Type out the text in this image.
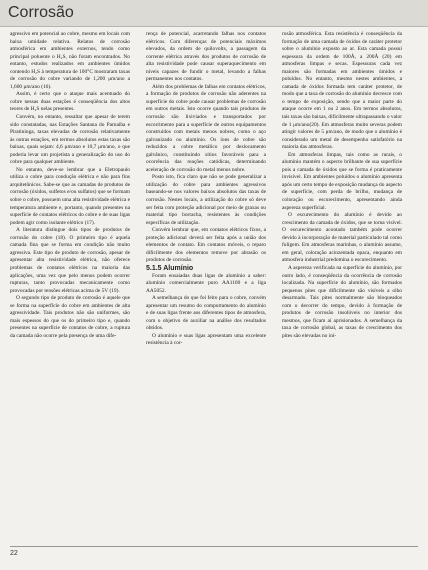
Corrosão

agressivo em potencial ao cobre, mesmo em locais com baixa umidade relativa. Relatos de corrosão atmosférica em ambientes externos, tendo como principal poluente o H₂S, não foram encontrados. No entanto, estudos realizados em ambientes úmidos contendo H₂S à temperatura de 100°C mostraram taxas de corrosão do cobre variando de 1,200 μm/ano a 1,600 μm/ano (16).

Assim, é certo que o ataque mais acentuado do cobre nessas duas estações é conseqüência dos altos teores de H₂S nelas presentes.

Convém, no entanto, ressaltar que apesar de terem sido constatadas, nas Estações Santana do Parnaíba e Piratininga, taxas elevadas de corrosão relativamente às outras estações, em termos absolutos estas taxas são baixas, quais sejam: 4,6 μm/ano e 10,7 μm/ano, o que poderia levar um projetista a generalização do uso do cobre para qualquer ambiente.

No entanto, deve-se lembrar que a Eletropaulo utiliza o cobre para condução elétrica e não para fins arquitetônicos. Sabe-se que as camadas de produtos de corrosão (óxidos, sulfetos e/ou sulfatos) que se formam sobre o cobre, possuem uma alta resistividade elétrica e temperatura ambiente e, portanto, quando presentes na superfície de contatos elétricos do cobre e de suas ligas podem agir como isolante elétrico (17).

A literatura distingue dois tipos de produtos de corrosão do cobre (18). O primeiro tipo é aquela camada fina que se forma em condição não muito agressiva. Este tipo de produto de corrosão, apesar de apresentar alta resistividade elétrica, não oferece problemas de contatos elétricos na maioria das aplicações, uma vez que pelo menos podem ocorrer rupturas, tanto provocadas mecanicamente como provocadas por tensões elétricas acima de 5V (19).

O segundo tipo de produto de corrosão é aquele que se forma na superfície do cobre em ambientes de alta agressividade. Tais produtos não são uniformes, são mais espessos do que os do primeiro tipo e, quando presentes na superfície de contatos de cobre, a ruptura da camada não ocorre pela presença de uma dife-

rença de potencial, acarretando falhas nos contatos elétricos. Com diferenças de potenciais máximos elevados, da ordem de quilovolts, a passagem da corrente elétrica através dos produtos de corrosão de alta resistividade pode causar superaquecimento em níveis capazes de fundir o metal, levando a falhas permanentes nos contatos.

Além dos problemas de falhas em contatos elétricos, a formação de produtos de corrosão não aderentes na superfície do cobre pode causar problemas de corrosão em outros metais. Isto ocorre quando tais produtos de corrosão são lixiviados e transportados por escorrimento para a superfície de outros equipamentos construídos com metais menos nobres, como o aço galvanizado ou alumínio. Os íons de cobre são reduzidos a cobre metálico por deslocamento galvânico, constituindo sítios favoráveis para a ocorrência das reações catódicas, determinando aceleração de corrosão do metal menos nobre.

Posto isto, fica claro que não se pode generalizar a utilização do cobre para ambientes agressivos baseando-se nos valores baixos absolutos das taxas de corrosão. Nestes locais, a utilização do cobre só deve ser feita com proteção adicional por meio de graxas ou material tipo borracha, resistentes às condições específicas de utilização.

Convém lembrar que, em contatos elétricos fixos, a proteção adicional deverá ser feita após a união dos elementos de contato. Em contatos móveis, o reparo dificilmente dos elementos remove por abrasão os produtos de corrosão.

5.1.5 Alumínio

Foram ensaiadas duas ligas de alumínio a saber: alumínio comercialmente puro AA1100 e a liga AA5052.

A semelhança do que foi feito para o cobre, convém apresentar um resumo do comportamento do alumínio e de suas ligas frente aos diferentes tipos de atmosfera, com o objetivo de auxiliar na análise dos resultados obtidos.

O alumínio e suas ligas apresentam uma excelente resistência à cor-

rosão atmosférica. Esta resistência é conseqüência da formação de uma camada de óxidos de caráter protetor sobre o alumínio exposto ao ar. Esta camada possui espessura da ordem de 100Å, a 200Å (20) em atmosferas limpas e secas. Espessuras cada vez maiores são formadas em ambientes úmidos e poluídos. No entanto, mesmo nestes ambientes, a camada de óxidos formada tem caráter protetor, de modo que a taxa de corrosão do alumínio decresce com o tempo de exposição, sendo que a maior parte do ataque ocorre em 1 ou 2 anos. Em termos absolutos, tais taxas são baixas, dificilmente ultrapassando o valor de 1 μm/ano(20). Em atmosferas muito severas podem atingir valores de 5 μm/ano, de modo que o alumínio é considerado um metal de desempenho satisfatório na maioria das atmosferas.

Em atmosferas limpas, tais como as rurais, o alumínio mantém o aspecto brilhante de sua superfície pois a camada de óxidos que se forma é praticamente invisível. Em ambientes poluídos o alumínio apresenta após um certo tempo de exposição mudança do aspecto de superfície, com perda de brilho, mudança de coloração ou escurecimento, apresentando ainda aspereza superficial.

O escurecimento do alumínio é devido ao crescimento da camada de óxidos, que se torna visível. O escurecimento acontado também pode ocorrer devido à incorporação de material particulado tal como fuligem. Em atmosferas marinhas, o alumínio assume, em geral, coloração acinzentada opaca, enquanto em atmosfera industrial predomina o escurecimento.

A aspereza verificada na superfície do alumínio, por outro lado, é conseqüência da ocorrência de corrosão localizada. Na superfície do alumínio, são formados pequenos pites que dificilmente são visíveis a olho desarmado. Tais pites normalmente são bloqueados com o decorrer do tempo, devido à formação de produtos de corrosão insolúveis no interior dos mesmos, que ficam aí aprisionados. A semelhança da taxa de corrosão global, as taxas de crescimento dos pites são elevadas no iní-

22
